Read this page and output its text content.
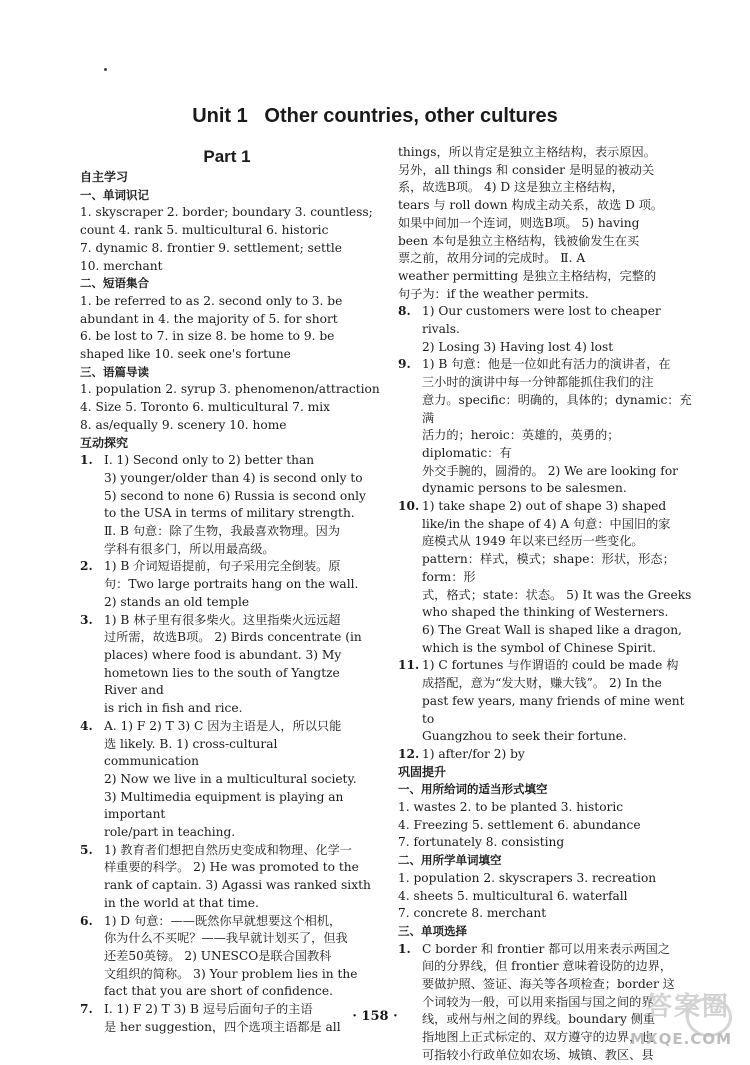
Unit 1   Other countries, other cultures
Part 1
自主学习
一、单词识记
1. skyscraper 2. border; boundary 3. countless;
count 4. rank 5. multicultural 6. historic
7. dynamic 8. frontier 9. settlement; settle
10. merchant
二、短语集合
1. be referred to as 2. second only to 3. be
abundant in 4. the majority of 5. for short
6. be lost to 7. in size 8. be home to 9. be
shaped like 10. seek one's fortune
三、语篇导读
1. population 2. syrup 3. phenomenon/attraction
4. Size 5. Toronto 6. multicultural 7. mix
8. as/equally 9. scenery 10. home
互动探究
1. Ⅰ. 1) Second only to 2) better than
3) younger/older than 4) is second only to
5) second to none 6) Russia is second only
to the USA in terms of military strength.
Ⅱ. B 句意：除了生物，我最喜欢物理。因为
学科有很多门，所以用最高级。
2. 1) B 介词短语提前，句子采用完全倒装。原
句：Two large portraits hang on the wall.
2) stands an old temple
3. 1) B 林子里有很多柴火。这里指柴火远远超
过所需，故选B项。 2) Birds concentrate (in
places) where food is abundant. 3) My
hometown lies to the south of Yangtze River and
is rich in fish and rice.
4. A. 1) F 2) T 3) C 因为主语是人，所以只能
选 likely. B. 1) cross-cultural communication
2) Now we live in a multicultural society.
3) Multimedia equipment is playing an important
role/part in teaching.
5. 1) 教育者们想把自然历史变成和物理、化学一
样重要的科学。 2) He was promoted to the
rank of captain. 3) Agassi was ranked sixth
in the world at that time.
6. 1) D 句意：——既然你早就想要这个相机，
你为什么不买呢？——我早就计划买了，但我
还差50英镑。 2) UNESCO是联合国教科
文组织的简称。 3) Your problem lies in the
fact that you are short of confidence.
7. Ⅰ. 1) F 2) T 3) B 逗号后面句子的主语
是 her suggestion，四个选项主语都是 all
things，所以肯定是独立主格结构，表示原因。
另外，all things 和 consider 是明显的被动关
系，故选B项。 4) D 这是独立主格结构，
tears 与 roll down 构成主动关系，故选 D 项。
如果中间加一个连词，则选B项。 5) having
been 本句是独立主格结构，钱被偷发生在买
票之前，故用分词的完成时。 Ⅱ. A
weather permitting 是独立主格结构，完整的
句子为：if the weather permits.
8. 1) Our customers were lost to cheaper rivals.
2) Losing 3) Having lost 4) lost
9. 1) B 句意：他是一位如此有活力的演讲者，在
三小时的演讲中每一分钟都能抓住我们的注
意力。specific：明确的，具体的；dynamic：充满
活力的；heroic：英雄的，英勇的；diplomatic：有
外交手腕的，圆滑的。 2) We are looking for
dynamic persons to be salesmen.
10. 1) take shape 2) out of shape 3) shaped
like/in the shape of 4) A 句意：中国旧的家
庭模式从 1949 年以来已经历一些变化。
pattern：样式，模式；shape：形状，形态；form：形
式，格式；state：状态。 5) It was the Greeks
who shaped the thinking of Westerners.
6) The Great Wall is shaped like a dragon,
which is the symbol of Chinese Spirit.
11. 1) C fortunes 与作谓语的 could be made 构
成搭配，意为“发大财，赚大钱”。 2) In the
past few years, many friends of mine went to
Guangzhou to seek their fortune.
12. 1) after/for 2) by
巩固提升
一、用所给词的适当形式填空
1. wastes 2. to be planted 3. historic
4. Freezing 5. settlement 6. abundance
7. fortunately 8. consisting
二、用所学单词填空
1. population 2. skyscrapers 3. recreation
4. sheets 5. multicultural 6. waterfall
7. concrete 8. merchant
三、单项选择
1. C border 和 frontier 都可以用来表示两国之
间的分界线，但 frontier 意味着设防的边界，
要做护照、签证、海关等各项检查；border 这
个词较为一般，可以用来指国与国之间的界
线，或州与州之间的界线。boundary 侧重
指地图上正式标定的、双方遵守的边界，也
可指较小行政单位如农场、城镇、教区、县
· 158 ·	答案圈
MXQE.COM
